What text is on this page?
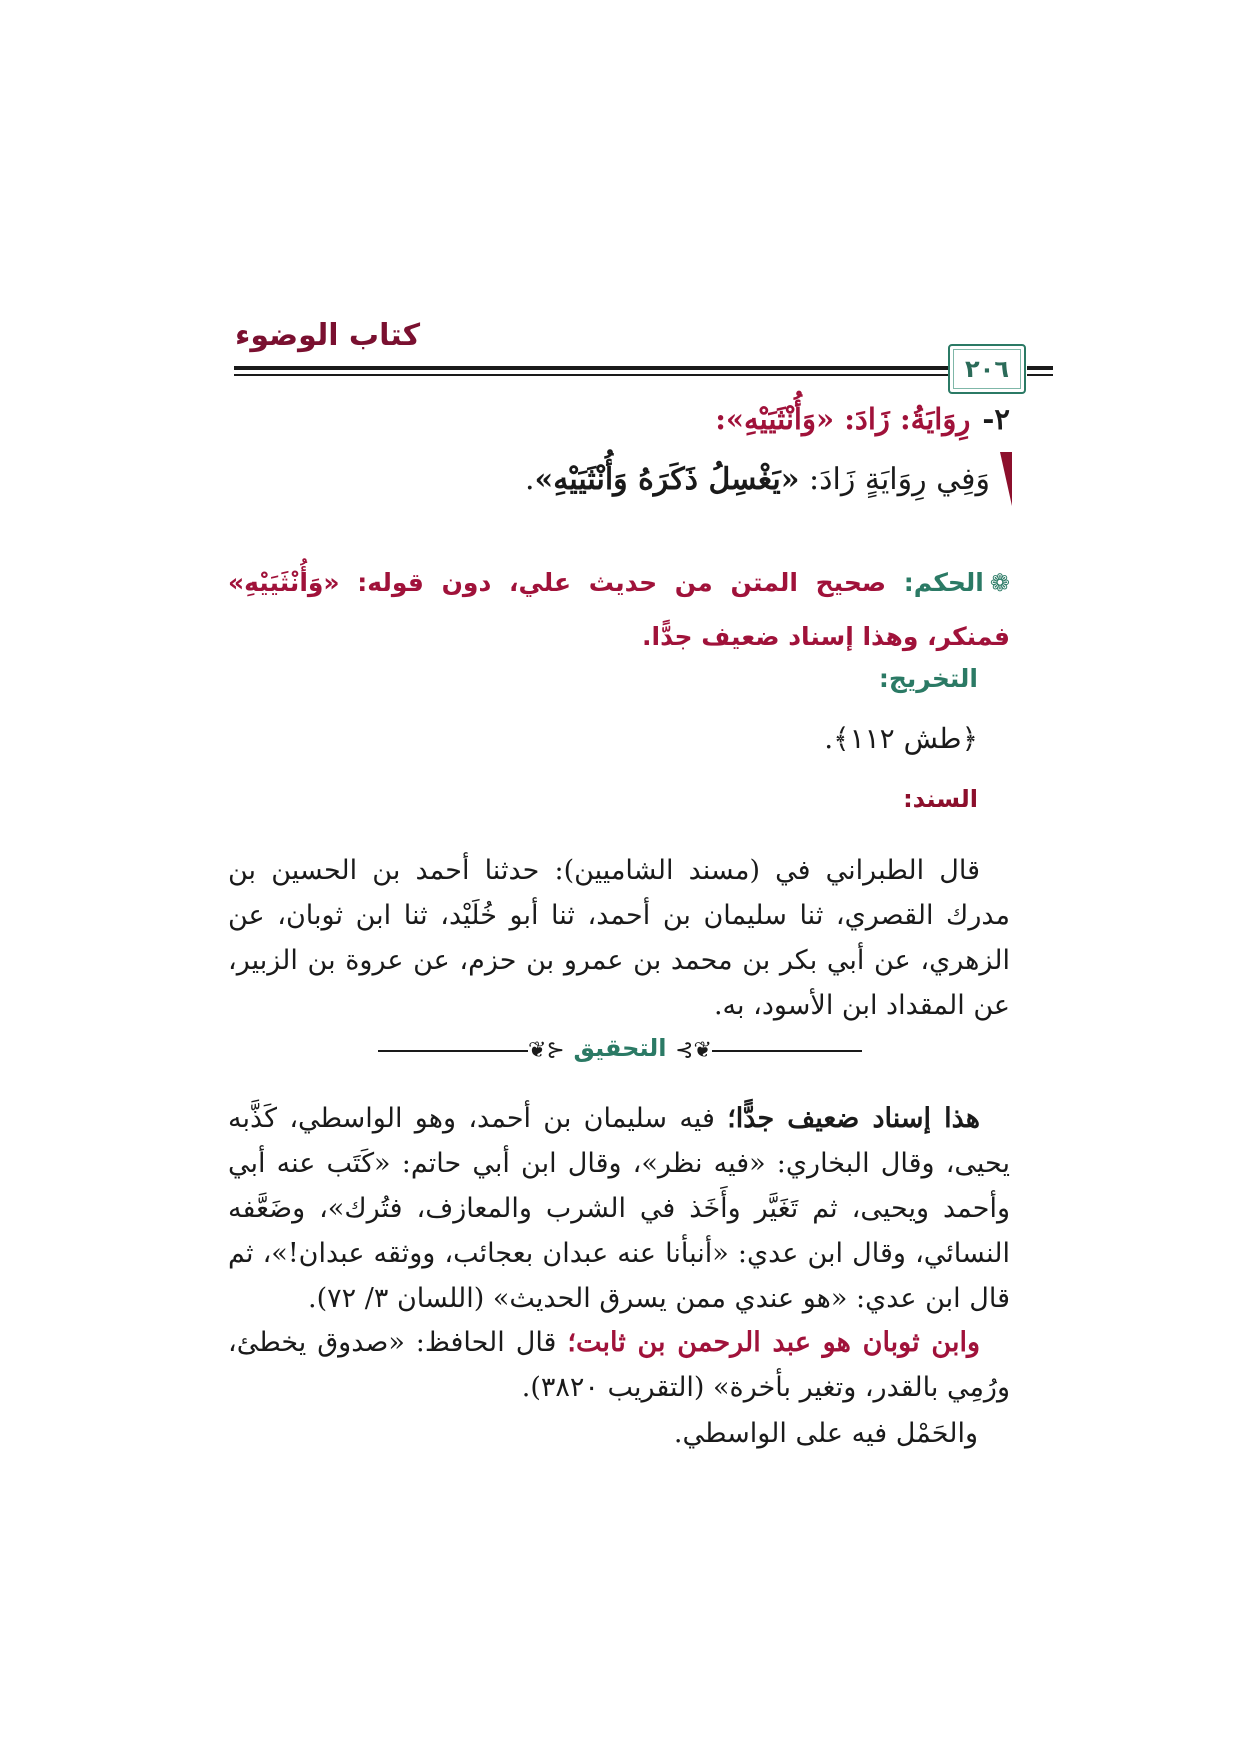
كتاب الوضوء
٢٠٦
٢-رِوَايَةُ: زَادَ: «وَأُنْثَيَيْهِ»:
وَفِي رِوَايَةٍ زَادَ: «يَغْسِلُ ذَكَرَهُ وَأُنْثَيَيْهِ».
❁الحكم: صحيح المتن من حديث علي، دون قوله: «وَأُنْثَيَيْهِ» فمنكر، وهذا إسناد ضعيف جدًّا.
التخريج:
﴿طش ١١٢﴾.
السند:
قال الطبراني في (مسند الشاميين): حدثنا أحمد بن الحسين بن مدرك القصري، ثنا سليمان بن أحمد، ثنا أبو خُلَيْد، ثنا ابن ثوبان، عن الزهري، عن أبي بكر بن محمد بن عمرو بن حزم، عن عروة بن الزبير، عن المقداد ابن الأسود، به.
⊰❦	❦⊱
التحقيق
هذا إسناد ضعيف جدًّا؛ فيه سليمان بن أحمد، وهو الواسطي، كَذَّبه يحيى، وقال البخاري: «فيه نظر»، وقال ابن أبي حاتم: «كَتَب عنه أبي وأحمد ويحيى، ثم تَغَيَّر وأَخَذ في الشرب والمعازف، فتُرك»، وضَعَّفه النسائي، وقال ابن عدي: «أنبأنا عنه عبدان بعجائب، ووثقه عبدان!»، ثم قال ابن عدي: «هو عندي ممن يسرق الحديث» (اللسان ٣/ ٧٢).
وابن ثوبان هو عبد الرحمن بن ثابت؛ قال الحافظ: «صدوق يخطئ، ورُمِي بالقدر، وتغير بأخرة» (التقريب ٣٨٢٠).
والحَمْل فيه على الواسطي.
